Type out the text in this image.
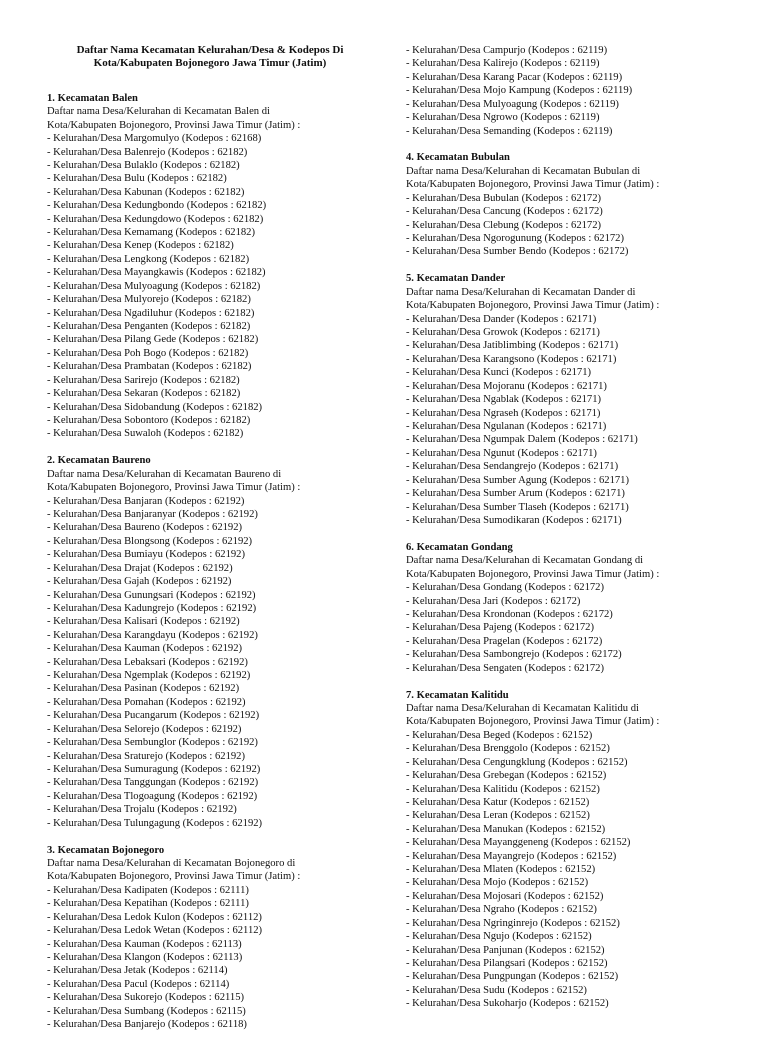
Daftar Nama Kecamatan Kelurahan/Desa & Kodepos Di
Kota/Kabupaten Bojonegoro Jawa Timur (Jatim)
1. Kecamatan Balen
Daftar nama Desa/Kelurahan di Kecamatan Balen di
Kota/Kabupaten Bojonegoro, Provinsi Jawa Timur (Jatim) :
- Kelurahan/Desa Margomulyo (Kodepos : 62168)
- Kelurahan/Desa Balenrejo (Kodepos : 62182)
- Kelurahan/Desa Bulaklo (Kodepos : 62182)
- Kelurahan/Desa Bulu (Kodepos : 62182)
- Kelurahan/Desa Kabunan (Kodepos : 62182)
- Kelurahan/Desa Kedungbondo (Kodepos : 62182)
- Kelurahan/Desa Kedungdowo (Kodepos : 62182)
- Kelurahan/Desa Kemamang (Kodepos : 62182)
- Kelurahan/Desa Kenep (Kodepos : 62182)
- Kelurahan/Desa Lengkong (Kodepos : 62182)
- Kelurahan/Desa Mayangkawis (Kodepos : 62182)
- Kelurahan/Desa Mulyoagung (Kodepos : 62182)
- Kelurahan/Desa Mulyorejo (Kodepos : 62182)
- Kelurahan/Desa Ngadiluhur (Kodepos : 62182)
- Kelurahan/Desa Penganten (Kodepos : 62182)
- Kelurahan/Desa Pilang Gede (Kodepos : 62182)
- Kelurahan/Desa Poh Bogo (Kodepos : 62182)
- Kelurahan/Desa Prambatan (Kodepos : 62182)
- Kelurahan/Desa Sarirejo (Kodepos : 62182)
- Kelurahan/Desa Sekaran (Kodepos : 62182)
- Kelurahan/Desa Sidobandung (Kodepos : 62182)
- Kelurahan/Desa Sobontoro (Kodepos : 62182)
- Kelurahan/Desa Suwaloh (Kodepos : 62182)
2. Kecamatan Baureno
Daftar nama Desa/Kelurahan di Kecamatan Baureno di
Kota/Kabupaten Bojonegoro, Provinsi Jawa Timur (Jatim) :
- Kelurahan/Desa Banjaran (Kodepos : 62192)
- Kelurahan/Desa Banjaranyar (Kodepos : 62192)
- Kelurahan/Desa Baureno (Kodepos : 62192)
- Kelurahan/Desa Blongsong (Kodepos : 62192)
- Kelurahan/Desa Bumiayu (Kodepos : 62192)
- Kelurahan/Desa Drajat (Kodepos : 62192)
- Kelurahan/Desa Gajah (Kodepos : 62192)
- Kelurahan/Desa Gunungsari (Kodepos : 62192)
- Kelurahan/Desa Kadungrejo (Kodepos : 62192)
- Kelurahan/Desa Kalisari (Kodepos : 62192)
- Kelurahan/Desa Karangdayu (Kodepos : 62192)
- Kelurahan/Desa Kauman (Kodepos : 62192)
- Kelurahan/Desa Lebaksari (Kodepos : 62192)
- Kelurahan/Desa Ngemplak (Kodepos : 62192)
- Kelurahan/Desa Pasinan (Kodepos : 62192)
- Kelurahan/Desa Pomahan (Kodepos : 62192)
- Kelurahan/Desa Pucangarum (Kodepos : 62192)
- Kelurahan/Desa Selorejo (Kodepos : 62192)
- Kelurahan/Desa Sembunglor (Kodepos : 62192)
- Kelurahan/Desa Sraturejo (Kodepos : 62192)
- Kelurahan/Desa Sumuragung (Kodepos : 62192)
- Kelurahan/Desa Tanggungan (Kodepos : 62192)
- Kelurahan/Desa Tlogoagung (Kodepos : 62192)
- Kelurahan/Desa Trojalu (Kodepos : 62192)
- Kelurahan/Desa Tulungagung (Kodepos : 62192)
3. Kecamatan Bojonegoro
Daftar nama Desa/Kelurahan di Kecamatan Bojonegoro di
Kota/Kabupaten Bojonegoro, Provinsi Jawa Timur (Jatim) :
- Kelurahan/Desa Kadipaten (Kodepos : 62111)
- Kelurahan/Desa Kepatihan (Kodepos : 62111)
- Kelurahan/Desa Ledok Kulon (Kodepos : 62112)
- Kelurahan/Desa Ledok Wetan (Kodepos : 62112)
- Kelurahan/Desa Kauman (Kodepos : 62113)
- Kelurahan/Desa Klangon (Kodepos : 62113)
- Kelurahan/Desa Jetak (Kodepos : 62114)
- Kelurahan/Desa Pacul (Kodepos : 62114)
- Kelurahan/Desa Sukorejo (Kodepos : 62115)
- Kelurahan/Desa Sumbang (Kodepos : 62115)
- Kelurahan/Desa Banjarejo (Kodepos : 62118)
- Kelurahan/Desa Campurjo (Kodepos : 62119)
- Kelurahan/Desa Kalirejo (Kodepos : 62119)
- Kelurahan/Desa Karang Pacar (Kodepos : 62119)
- Kelurahan/Desa Mojo Kampung (Kodepos : 62119)
- Kelurahan/Desa Mulyoagung (Kodepos : 62119)
- Kelurahan/Desa Ngrowo (Kodepos : 62119)
- Kelurahan/Desa Semanding (Kodepos : 62119)
4. Kecamatan Bubulan
Daftar nama Desa/Kelurahan di Kecamatan Bubulan di
Kota/Kabupaten Bojonegoro, Provinsi Jawa Timur (Jatim) :
- Kelurahan/Desa Bubulan (Kodepos : 62172)
- Kelurahan/Desa Cancung (Kodepos : 62172)
- Kelurahan/Desa Clebung (Kodepos : 62172)
- Kelurahan/Desa Ngorogunung (Kodepos : 62172)
- Kelurahan/Desa Sumber Bendo (Kodepos : 62172)
5. Kecamatan Dander
Daftar nama Desa/Kelurahan di Kecamatan Dander di
Kota/Kabupaten Bojonegoro, Provinsi Jawa Timur (Jatim) :
- Kelurahan/Desa Dander (Kodepos : 62171)
- Kelurahan/Desa Growok (Kodepos : 62171)
- Kelurahan/Desa Jatiblimbing (Kodepos : 62171)
- Kelurahan/Desa Karangsono (Kodepos : 62171)
- Kelurahan/Desa Kunci (Kodepos : 62171)
- Kelurahan/Desa Mojoranu (Kodepos : 62171)
- Kelurahan/Desa Ngablak (Kodepos : 62171)
- Kelurahan/Desa Ngraseh (Kodepos : 62171)
- Kelurahan/Desa Ngulanan (Kodepos : 62171)
- Kelurahan/Desa Ngumpak Dalem (Kodepos : 62171)
- Kelurahan/Desa Ngunut (Kodepos : 62171)
- Kelurahan/Desa Sendangrejo (Kodepos : 62171)
- Kelurahan/Desa Sumber Agung (Kodepos : 62171)
- Kelurahan/Desa Sumber Arum (Kodepos : 62171)
- Kelurahan/Desa Sumber Tlaseh (Kodepos : 62171)
- Kelurahan/Desa Sumodikaran (Kodepos : 62171)
6. Kecamatan Gondang
Daftar nama Desa/Kelurahan di Kecamatan Gondang di
Kota/Kabupaten Bojonegoro, Provinsi Jawa Timur (Jatim) :
- Kelurahan/Desa Gondang (Kodepos : 62172)
- Kelurahan/Desa Jari (Kodepos : 62172)
- Kelurahan/Desa Krondonan (Kodepos : 62172)
- Kelurahan/Desa Pajeng (Kodepos : 62172)
- Kelurahan/Desa Pragelan (Kodepos : 62172)
- Kelurahan/Desa Sambongrejo (Kodepos : 62172)
- Kelurahan/Desa Sengaten (Kodepos : 62172)
7. Kecamatan Kalitidu
Daftar nama Desa/Kelurahan di Kecamatan Kalitidu di
Kota/Kabupaten Bojonegoro, Provinsi Jawa Timur (Jatim) :
- Kelurahan/Desa Beged (Kodepos : 62152)
- Kelurahan/Desa Brenggolo (Kodepos : 62152)
- Kelurahan/Desa Cengungklung (Kodepos : 62152)
- Kelurahan/Desa Grebegan (Kodepos : 62152)
- Kelurahan/Desa Kalitidu (Kodepos : 62152)
- Kelurahan/Desa Katur (Kodepos : 62152)
- Kelurahan/Desa Leran (Kodepos : 62152)
- Kelurahan/Desa Manukan (Kodepos : 62152)
- Kelurahan/Desa Mayanggeneng (Kodepos : 62152)
- Kelurahan/Desa Mayangrejo (Kodepos : 62152)
- Kelurahan/Desa Mlaten (Kodepos : 62152)
- Kelurahan/Desa Mojo (Kodepos : 62152)
- Kelurahan/Desa Mojosari (Kodepos : 62152)
- Kelurahan/Desa Ngraho (Kodepos : 62152)
- Kelurahan/Desa Ngringinrejo (Kodepos : 62152)
- Kelurahan/Desa Ngujo (Kodepos : 62152)
- Kelurahan/Desa Panjunan (Kodepos : 62152)
- Kelurahan/Desa Pilangsari (Kodepos : 62152)
- Kelurahan/Desa Pungpungan (Kodepos : 62152)
- Kelurahan/Desa Sudu (Kodepos : 62152)
- Kelurahan/Desa Sukoharjo (Kodepos : 62152)
